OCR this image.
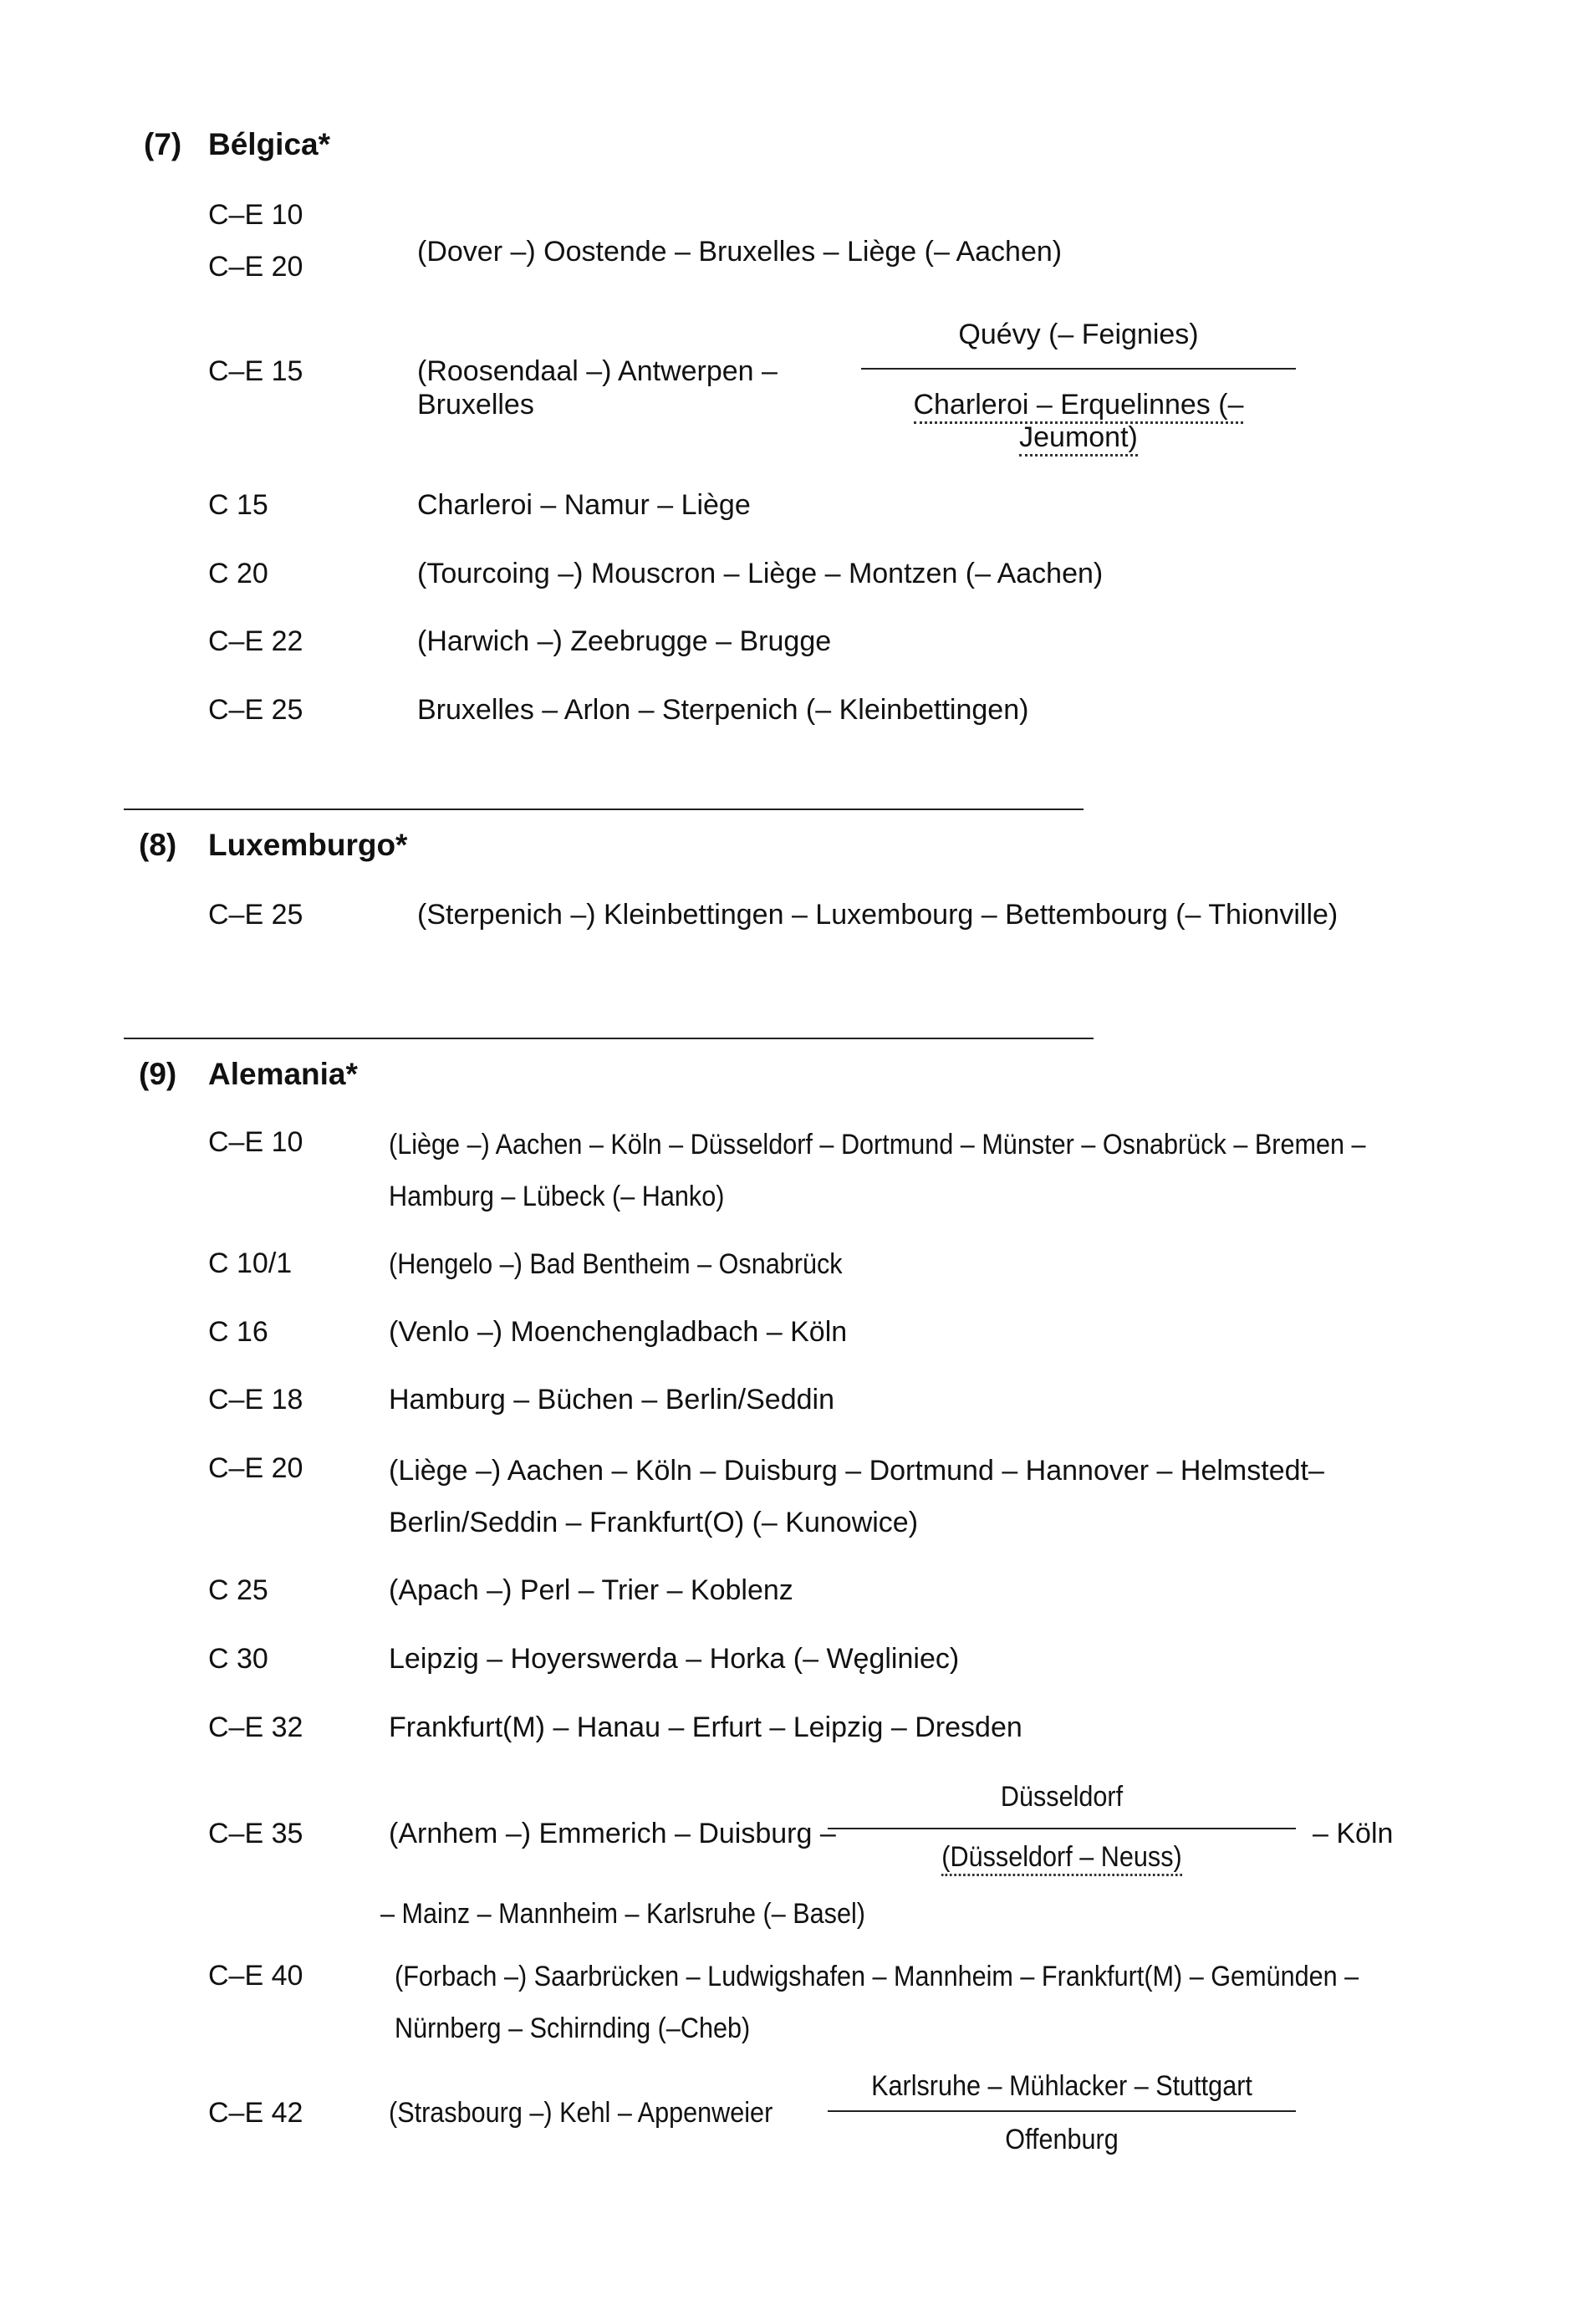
(7) Bélgica*
C–E 10
C–E 20	(Dover –) Oostende – Bruxelles – Liège (– Aachen)
C–E 15	(Roosendaal –) Antwerpen –
Bruxelles
Quévy (– Feignies)
Charleroi – Erquelinnes (–
Jeumont)
C 15	Charleroi – Namur – Liège
C 20	(Tourcoing –) Mouscron – Liège – Montzen (– Aachen)
C–E 22	(Harwich –) Zeebrugge – Brugge
C–E 25	Bruxelles – Arlon – Sterpenich (– Kleinbettingen)
(8) Luxemburgo*
C–E 25	(Sterpenich –) Kleinbettingen – Luxembourg – Bettembourg (– Thionville)
(9) Alemania*
C–E 10	(Liège –) Aachen – Köln – Düsseldorf – Dortmund – Münster – Osnabrück – Bremen –
Hamburg – Lübeck (– Hanko)
C 10/1	(Hengelo –) Bad Bentheim – Osnabrück
C 16	(Venlo –) Moenchengladbach – Köln
C–E 18	Hamburg – Büchen – Berlin/Seddin
C–E 20	(Liège –) Aachen – Köln – Duisburg – Dortmund – Hannover – Helmstedt–
Berlin/Seddin – Frankfurt(O) (– Kunowice)
C 25	(Apach –) Perl – Trier – Koblenz
C 30	Leipzig – Hoyerswerda – Horka (– Węgliniec)
C–E 32	Frankfurt(M) – Hanau – Erfurt – Leipzig – Dresden
C–E 35	(Arnhem –) Emmerich – Duisburg –
Düsseldorf
(Düsseldorf – Neuss)
– Köln
– Mainz – Mannheim – Karlsruhe (– Basel)
C–E 40	(Forbach –) Saarbrücken – Ludwigshafen – Mannheim – Frankfurt(M) – Gemünden –
Nürnberg – Schirnding (–Cheb)
C–E 42	(Strasbourg –) Kehl – Appenweier
Karlsruhe – Mühlacker – Stuttgart
Offenburg
